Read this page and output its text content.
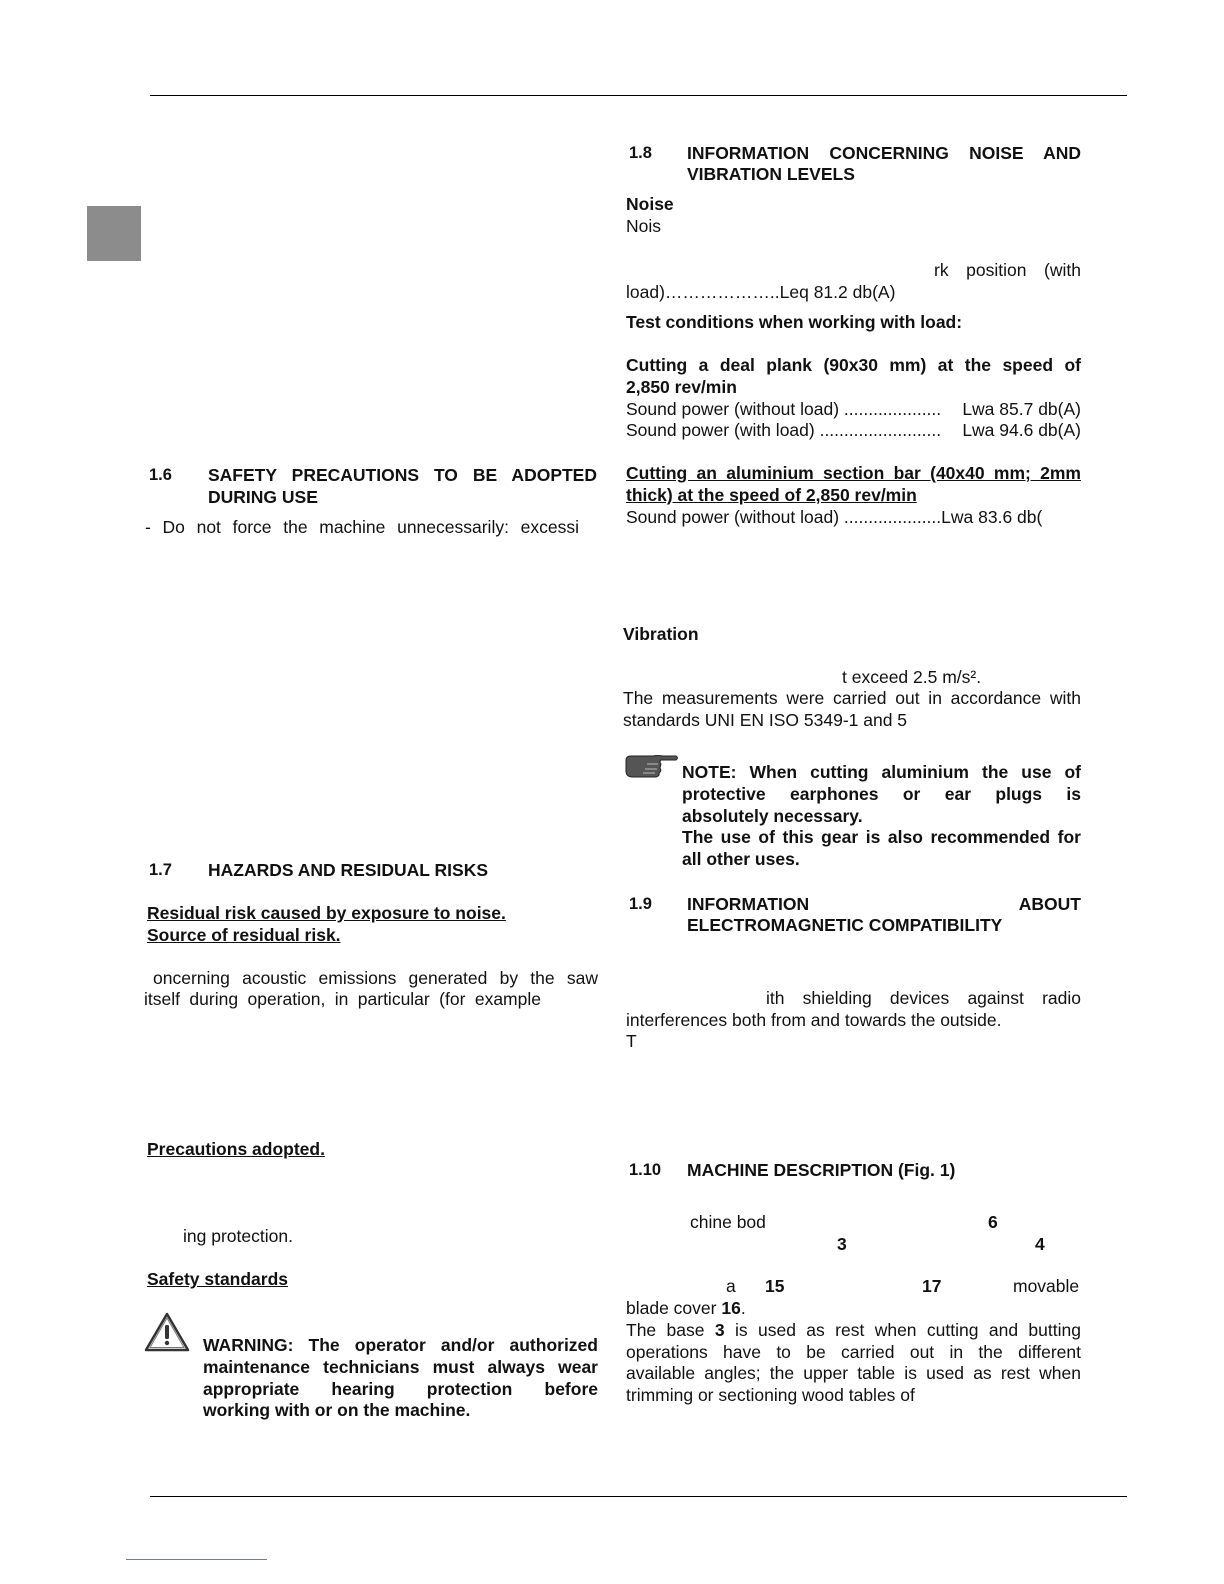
1.6 SAFETY PRECAUTIONS TO BE ADOPTED
DURING USE
- Do not force the machine unnecessarily: excessi
1.7 HAZARDS AND RESIDUAL RISKS
Residual risk caused by exposure to noise.
Source of residual risk.
oncerning acoustic emissions generated by the saw
itself during operation, in particular (for example
Precautions adopted.
ing protection.
Safety standards
WARNING: The operator and/or authorized
maintenance technicians must always wear
appropriate hearing protection before
working with or on the machine.
1.8 INFORMATION CONCERNING NOISE AND
VIBRATION LEVELS
Noise
Nois
rk position (with
load)………………..Leq 81.2 db(A)
Test conditions when working with load:
Cutting a deal plank (90x30 mm) at the speed of
2,850 rev/min
Sound power (without load) .................... Lwa 85.7 db(A)
Sound power (with load) ......................... Lwa 94.6 db(A)
Cutting an aluminium section bar (40x40 mm; 2mm
thick) at the speed of 2,850 rev/min
Sound power (without load) ....................Lwa 83.6 db(
Vibration
t exceed 2.5 m/s².
The measurements were carried out in accordance with
standards UNI EN ISO 5349-1 and 5
NOTE: When cutting aluminium the use of
protective earphones or ear plugs is
absolutely necessary.
The use of this gear is also recommended for
all other uses.
1.9 INFORMATION	ABOUT
ELECTROMAGNETIC COMPATIBILITY
ith shielding devices against radio
interferences both from and towards the outside.
T
1.10 MACHINE DESCRIPTION (Fig. 1)
chine bod	6
3	4
a 15	17	movable
blade cover 16.
The base 3 is used as rest when cutting and butting
operations have to be carried out in the different
available angles; the upper table is used as rest when
trimming or sectioning wood tables of
